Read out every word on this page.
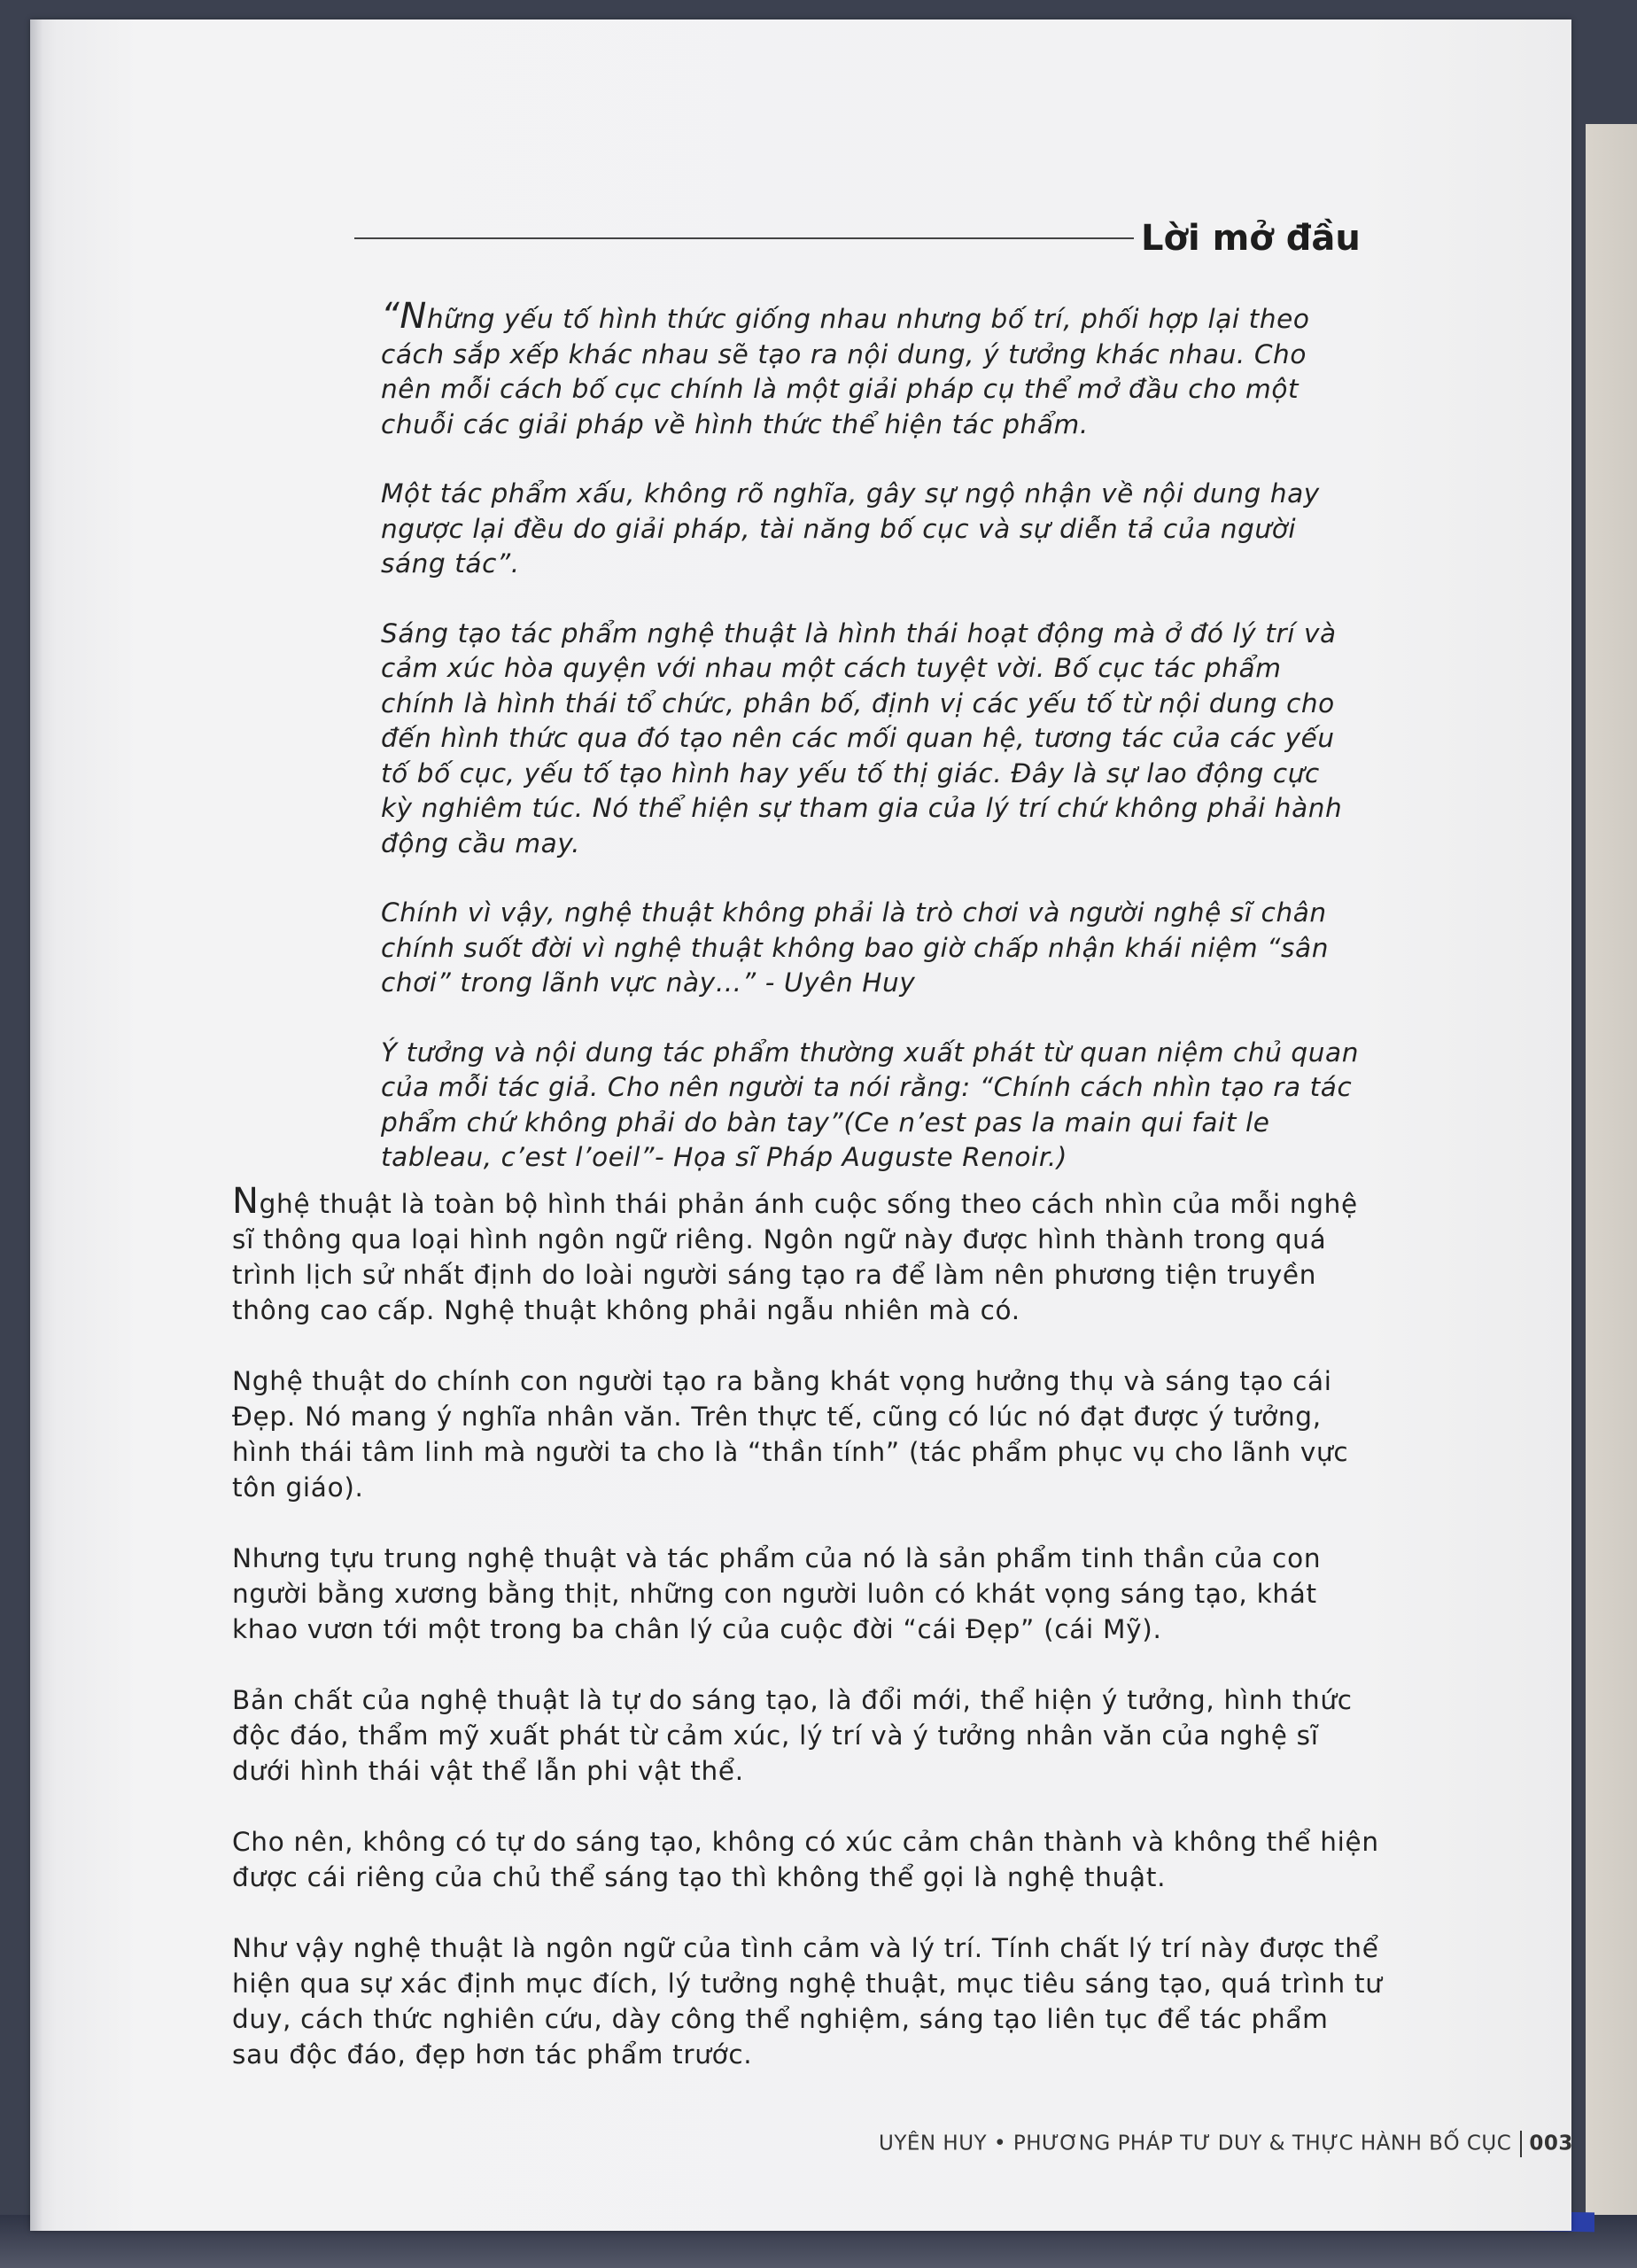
Lời mở đầu

“Những yếu tố hình thức giống nhau nhưng bố trí, phối hợp lại theo cách sắp xếp khác nhau sẽ tạo ra nội dung, ý tưởng khác nhau. Cho nên mỗi cách bố cục chính là một giải pháp cụ thể mở đầu cho một chuỗi các giải pháp về hình thức thể hiện tác phẩm.

Một tác phẩm xấu, không rõ nghĩa, gây sự ngộ nhận về nội dung hay ngược lại đều do giải pháp, tài năng bố cục và sự diễn tả của người sáng tác”.

Sáng tạo tác phẩm nghệ thuật là hình thái hoạt động mà ở đó lý trí và cảm xúc hòa quyện với nhau một cách tuyệt vời. Bố cục tác phẩm chính là hình thái tổ chức, phân bố, định vị các yếu tố từ nội dung cho đến hình thức qua đó tạo nên các mối quan hệ, tương tác của các yếu tố bố cục, yếu tố tạo hình hay yếu tố thị giác. Đây là sự lao động cực kỳ nghiêm túc. Nó thể hiện sự tham gia của lý trí chứ không phải hành động cầu may.

Chính vì vậy, nghệ thuật không phải là trò chơi và người nghệ sĩ chân chính suốt đời vì nghệ thuật không bao giờ chấp nhận khái niệm “sân chơi” trong lãnh vực này…” - Uyên Huy

Ý tưởng và nội dung tác phẩm thường xuất phát từ quan niệm chủ quan của mỗi tác giả. Cho nên người ta nói rằng: “Chính cách nhìn tạo ra tác phẩm chứ không phải do bàn tay”(Ce n’est pas la main qui fait le tableau, c’est l’oeil”- Họa sĩ Pháp Auguste Renoir.)

Nghệ thuật là toàn bộ hình thái phản ánh cuộc sống theo cách nhìn của mỗi nghệ sĩ thông qua loại hình ngôn ngữ riêng. Ngôn ngữ này được hình thành trong quá trình lịch sử nhất định do loài người sáng tạo ra để làm nên phương tiện truyền thông cao cấp. Nghệ thuật không phải ngẫu nhiên mà có.

Nghệ thuật do chính con người tạo ra bằng khát vọng hưởng thụ và sáng tạo cái Đẹp. Nó mang ý nghĩa nhân văn. Trên thực tế, cũng có lúc nó đạt được ý tưởng, hình thái tâm linh mà người ta cho là “thần tính” (tác phẩm phục vụ cho lãnh vực tôn giáo).

Nhưng tựu trung nghệ thuật và tác phẩm của nó là sản phẩm tinh thần của con người bằng xương bằng thịt, những con người luôn có khát vọng sáng tạo, khát khao vươn tới một trong ba chân lý của cuộc đời “cái Đẹp” (cái Mỹ).

Bản chất của nghệ thuật là tự do sáng tạo, là đổi mới, thể hiện ý tưởng, hình thức độc đáo, thẩm mỹ xuất phát từ cảm xúc, lý trí và ý tưởng nhân văn của nghệ sĩ dưới hình thái vật thể lẫn phi vật thể.

Cho nên, không có tự do sáng tạo, không có xúc cảm chân thành và không thể hiện được cái riêng của chủ thể sáng tạo thì không thể gọi là nghệ thuật.

Như vậy nghệ thuật là ngôn ngữ của tình cảm và lý trí. Tính chất lý trí này được thể hiện qua sự xác định mục đích, lý tưởng nghệ thuật, mục tiêu sáng tạo, quá trình tư duy, cách thức nghiên cứu, dày công thể nghiệm, sáng tạo liên tục để tác phẩm sau độc đáo, đẹp hơn tác phẩm trước.

UYÊN HUY • PHƯƠNG PHÁP TƯ DUY & THỰC HÀNH BỐ CỤC 003
